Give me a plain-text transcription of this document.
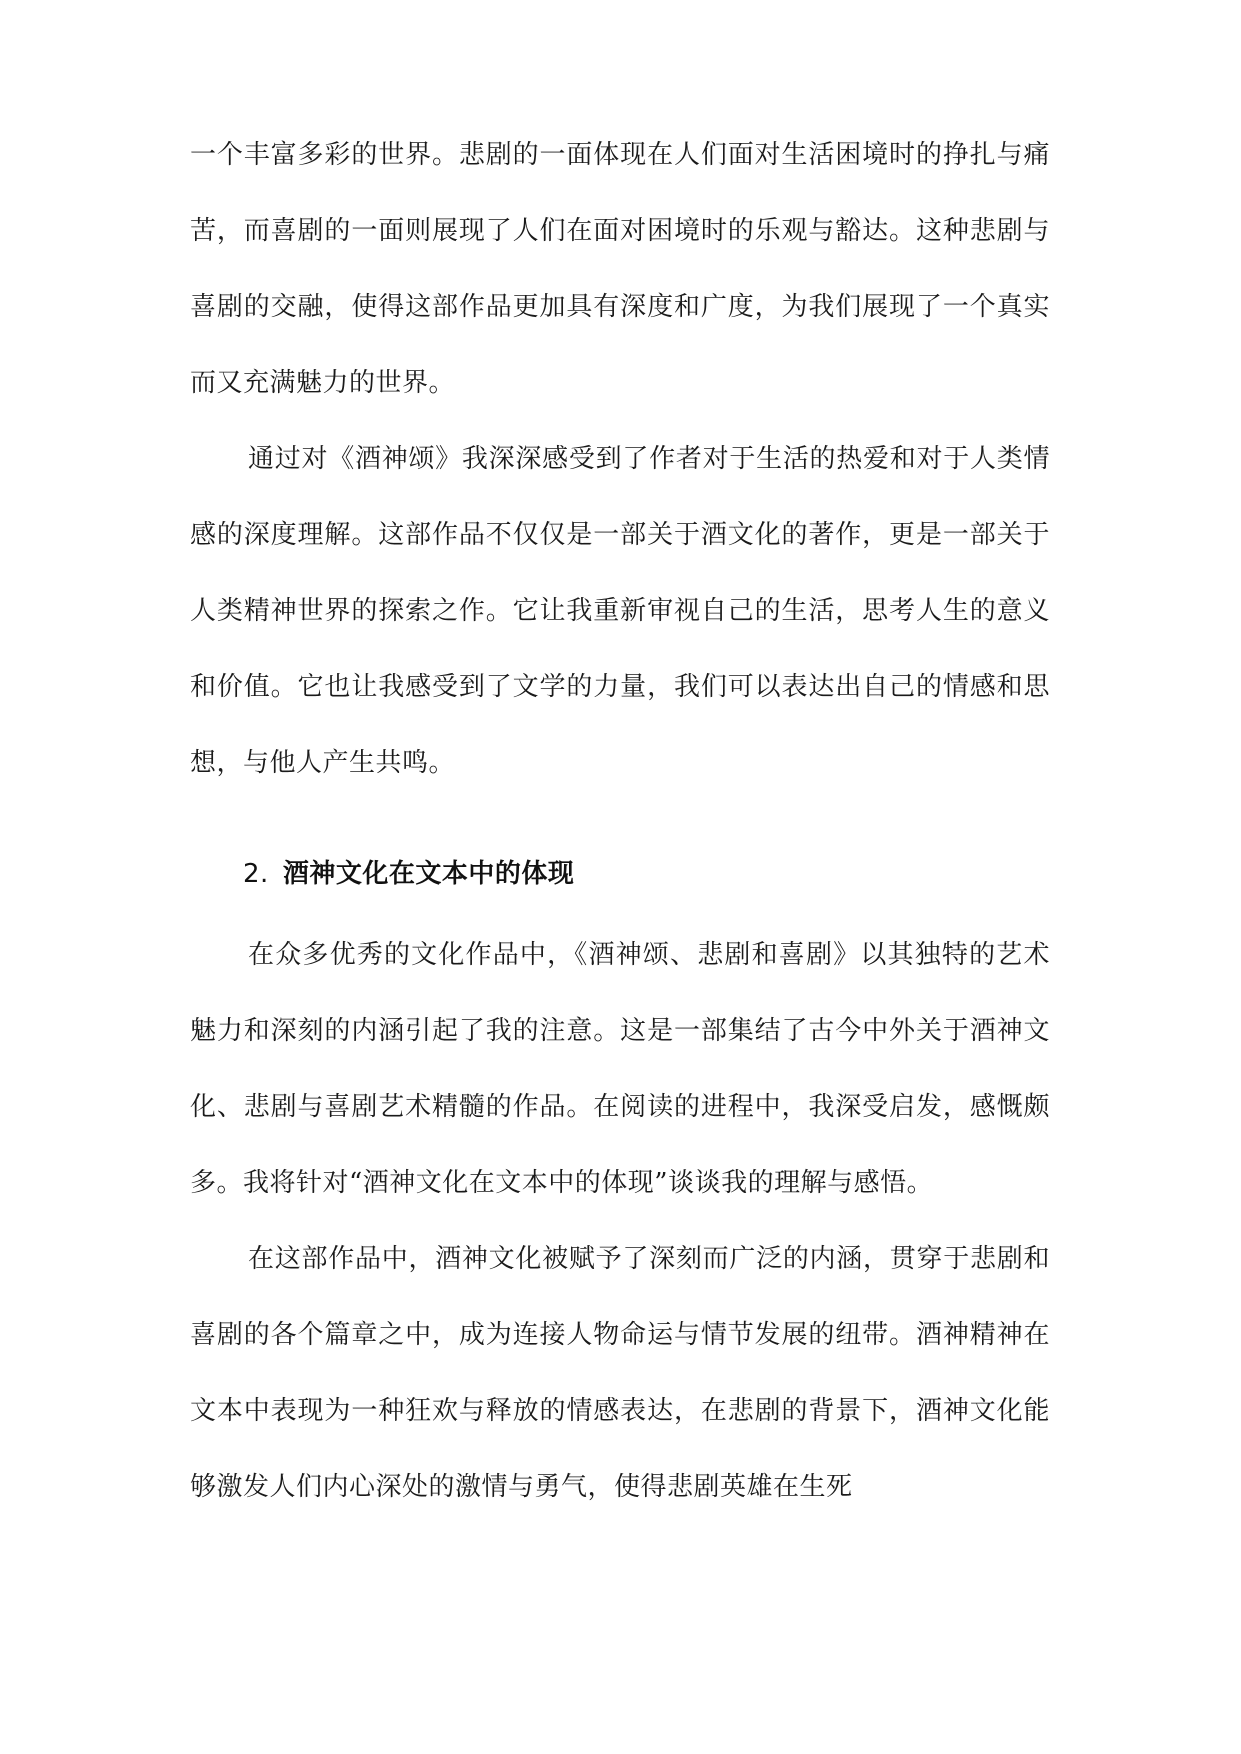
一个丰富多彩的世界。悲剧的一面体现在人们面对生活困境时的挣扎与痛苦，而喜剧的一面则展现了人们在面对困境时的乐观与豁达。这种悲剧与喜剧的交融，使得这部作品更加具有深度和广度，为我们展现了一个真实而又充满魅力的世界。

通过对《酒神颂》我深深感受到了作者对于生活的热爱和对于人类情感的深度理解。这部作品不仅仅是一部关于酒文化的著作，更是一部关于人类精神世界的探索之作。它让我重新审视自己的生活，思考人生的意义和价值。它也让我感受到了文学的力量，我们可以表达出自己的情感和思想，与他人产生共鸣。

2. 酒神文化在文本中的体现

在众多优秀的文化作品中，《酒神颂、悲剧和喜剧》以其独特的艺术魅力和深刻的内涵引起了我的注意。这是一部集结了古今中外关于酒神文化、悲剧与喜剧艺术精髓的作品。在阅读的进程中，我深受启发，感慨颇多。我将针对“酒神文化在文本中的体现”谈谈我的理解与感悟。

在这部作品中，酒神文化被赋予了深刻而广泛的内涵，贯穿于悲剧和喜剧的各个篇章之中，成为连接人物命运与情节发展的纽带。酒神精神在文本中表现为一种狂欢与释放的情感表达，在悲剧的背景下，酒神文化能够激发人们内心深处的激情与勇气，使得悲剧英雄在生死
